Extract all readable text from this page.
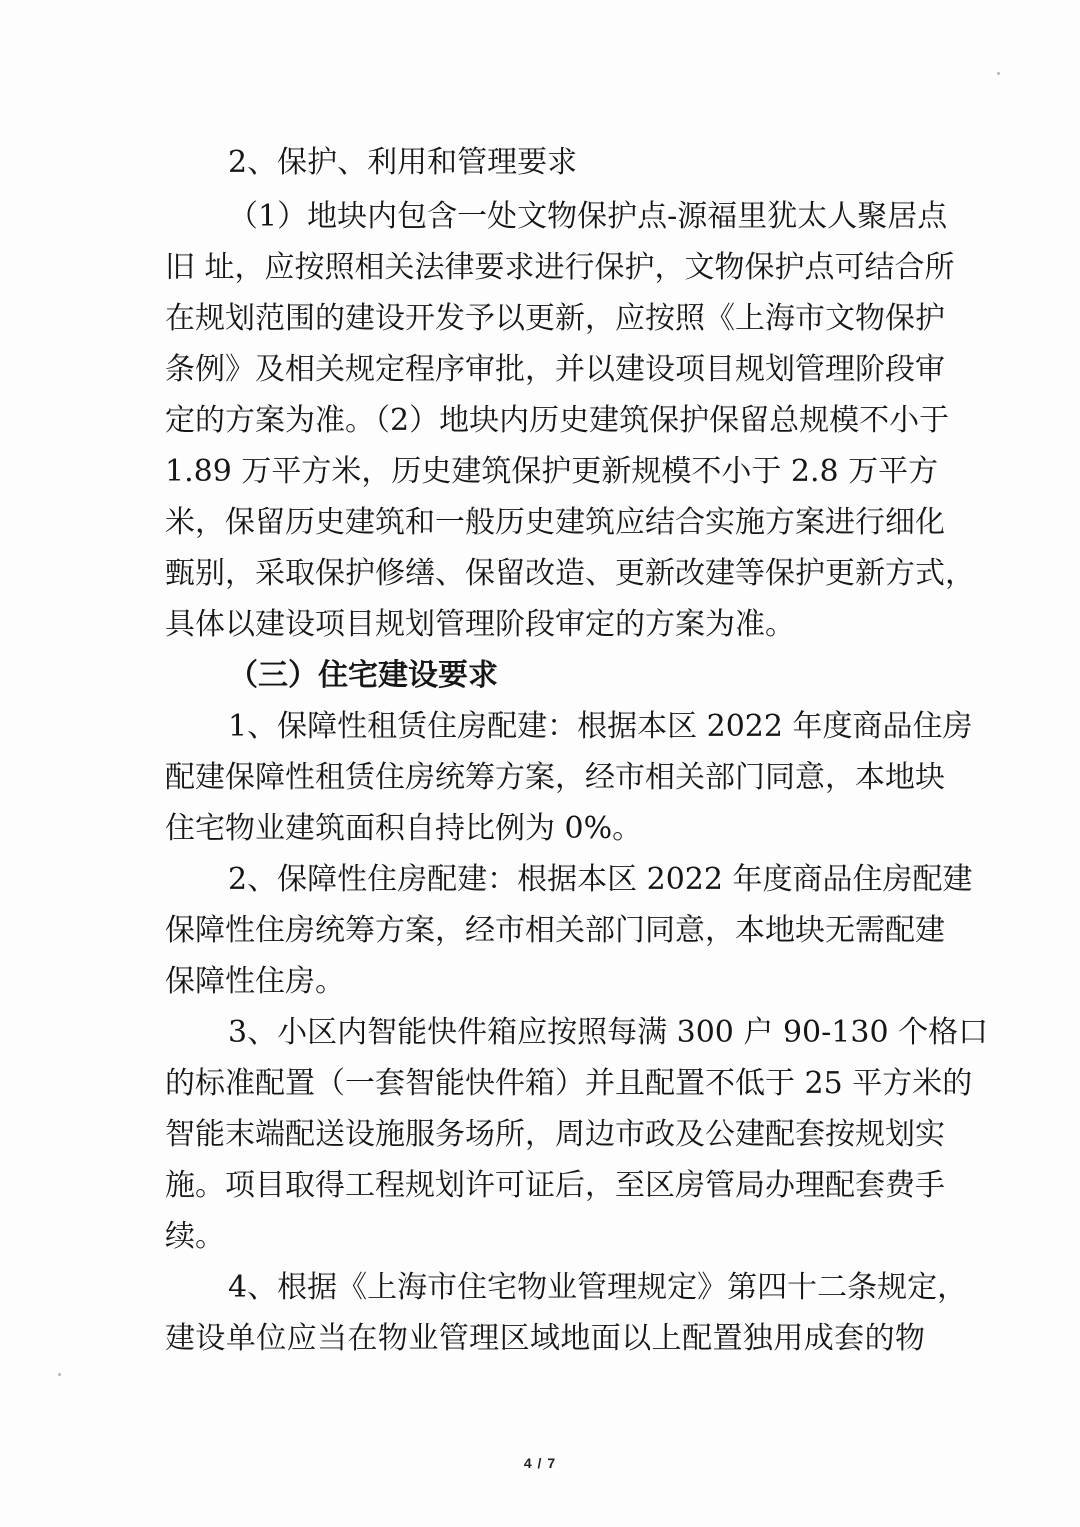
2、保护、利用和管理要求
（1）地块内包含一处文物保护点-源福里犹太人聚居点
旧 址，应按照相关法律要求进行保护，文物保护点可结合所
在规划范围的建设开发予以更新，应按照《上海市文物保护
条例》及相关规定程序审批，并以建设项目规划管理阶段审
定的方案为准。（2）地块内历史建筑保护保留总规模不小于
1.89 万平方米，历史建筑保护更新规模不小于 2.8 万平方
米，保留历史建筑和一般历史建筑应结合实施方案进行细化
甄别，采取保护修缮、保留改造、更新改建等保护更新方式，
具体以建设项目规划管理阶段审定的方案为准。
（三）住宅建设要求
1、保障性租赁住房配建：根据本区 2022 年度商品住房
配建保障性租赁住房统筹方案，经市相关部门同意，本地块
住宅物业建筑面积自持比例为 0%。
2、保障性住房配建：根据本区 2022 年度商品住房配建
保障性住房统筹方案，经市相关部门同意，本地块无需配建
保障性住房。
3、小区内智能快件箱应按照每满 300 户 90-130 个格口
的标准配置（一套智能快件箱）并且配置不低于 25 平方米的
智能末端配送设施服务场所，周边市政及公建配套按规划实
施。项目取得工程规划许可证后，至区房管局办理配套费手
续。
4、根据《上海市住宅物业管理规定》第四十二条规定，
建设单位应当在物业管理区域地面以上配置独用成套的物
4 / 7
